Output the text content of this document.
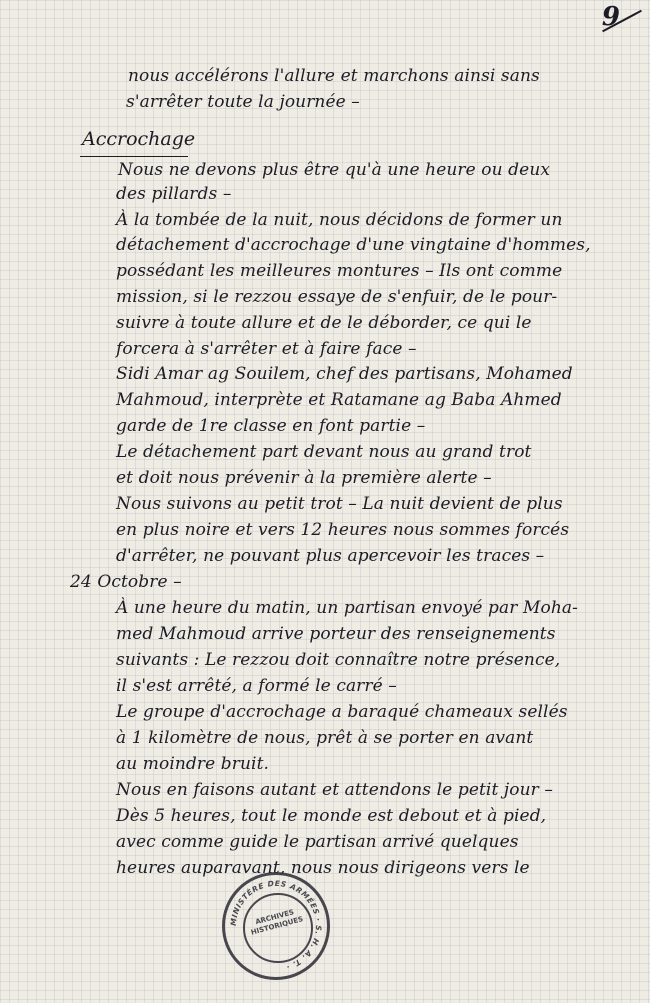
9
nous accélérons l'allure et marchons ainsi sans
s'arrêter toute la journée –
Accrochage
Nous ne devons plus être qu'à une heure ou deux
des pillards –
À la tombée de la nuit, nous décidons de former un
détachement d'accrochage d'une vingtaine d'hommes,
possédant les meilleures montures – Ils ont comme
mission, si le rezzou essaye de s'enfuir, de le pour-
suivre à toute allure et de le déborder, ce qui le
forcera à s'arrêter et à faire face –
Sidi Amar ag Souilem, chef des partisans, Mohamed
Mahmoud, interprète et Ratamane ag Baba Ahmed
garde de 1re classe en font partie –
Le détachement part devant nous au grand trot
et doit nous prévenir à la première alerte –
Nous suivons au petit trot – La nuit devient de plus
en plus noire et vers 12 heures nous sommes forcés
d'arrêter, ne pouvant plus apercevoir les traces –
24 Octobre –
À une heure du matin, un partisan envoyé par Moha-
med Mahmoud arrive porteur des renseignements
suivants : Le rezzou doit connaître notre présence,
il s'est arrêté, a formé le carré –
Le groupe d'accrochage a baraqué chameaux sellés
à 1 kilomètre de nous, prêt à se porter en avant
au moindre bruit.
Nous en faisons autant et attendons le petit jour –
Dès 5 heures, tout le monde est debout et à pied,
avec comme guide le partisan arrivé quelques
heures auparavant, nous nous dirigeons vers le
MINISTÈRE DES ARMÉES · S. H. A. T. ·
ARCHIVES HISTORIQUES
